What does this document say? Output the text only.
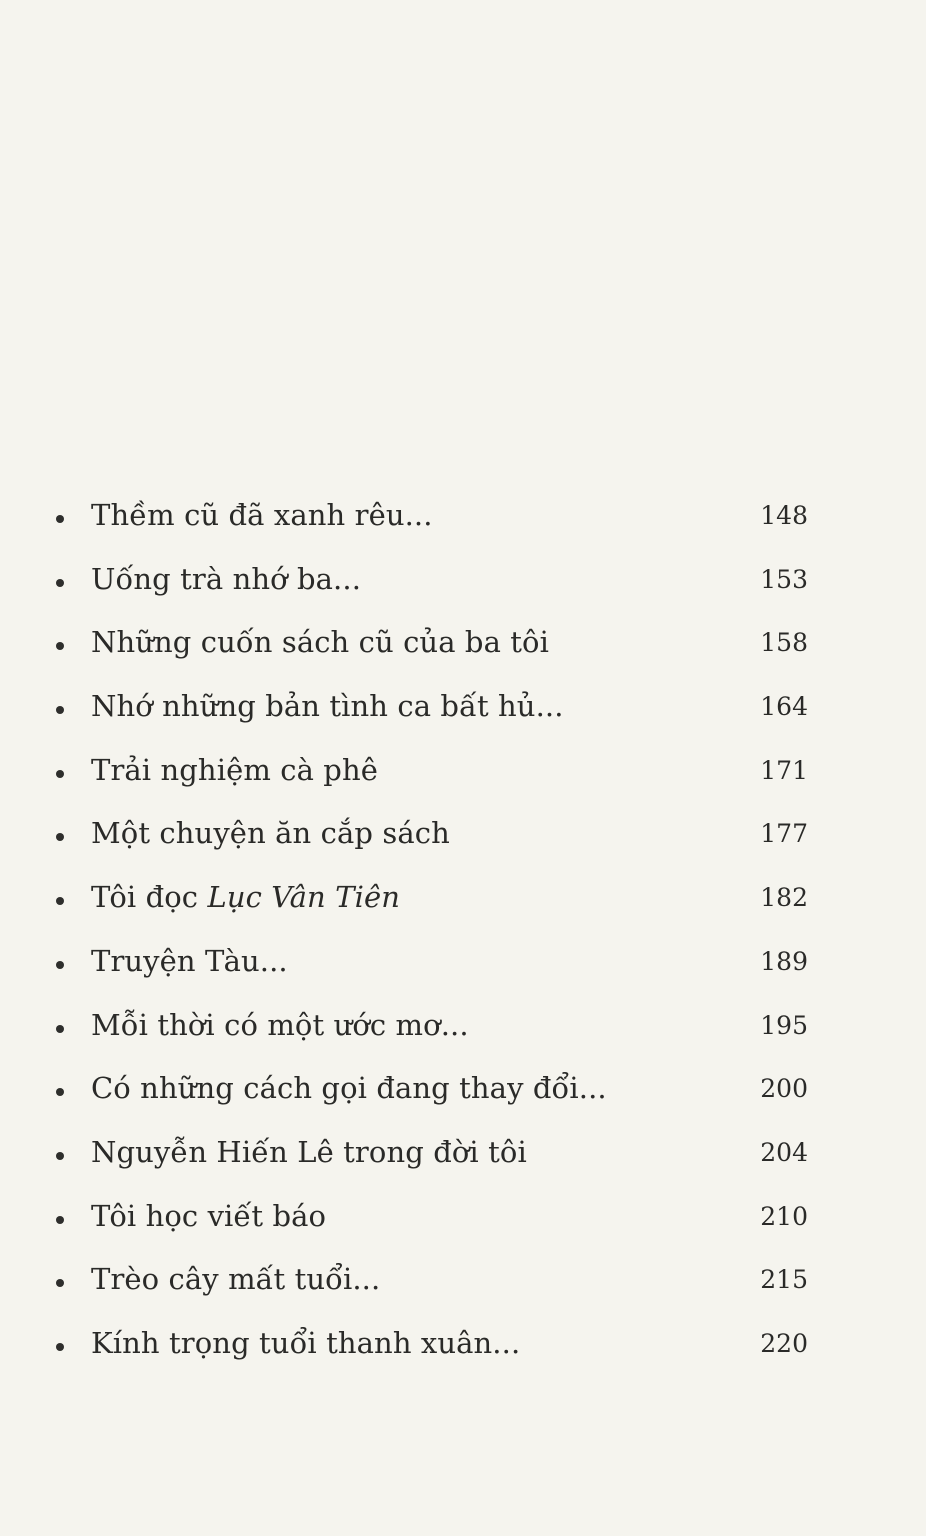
Thềm cũ đã xanh rêu...	148
Uống trà nhớ ba...	153
Những cuốn sách cũ của ba tôi	158
Nhớ những bản tình ca bất hủ...	164
Trải nghiệm cà phê	171
Một chuyện ăn cắp sách	177
Tôi đọc Lục Vân Tiên	182
Truyện Tàu...	189
Mỗi thời có một ước mơ...	195
Có những cách gọi đang thay đổi...	200
Nguyễn Hiến Lê trong đời tôi	204
Tôi học viết báo	210
Trèo cây mất tuổi...	215
Kính trọng tuổi thanh xuân...	220
